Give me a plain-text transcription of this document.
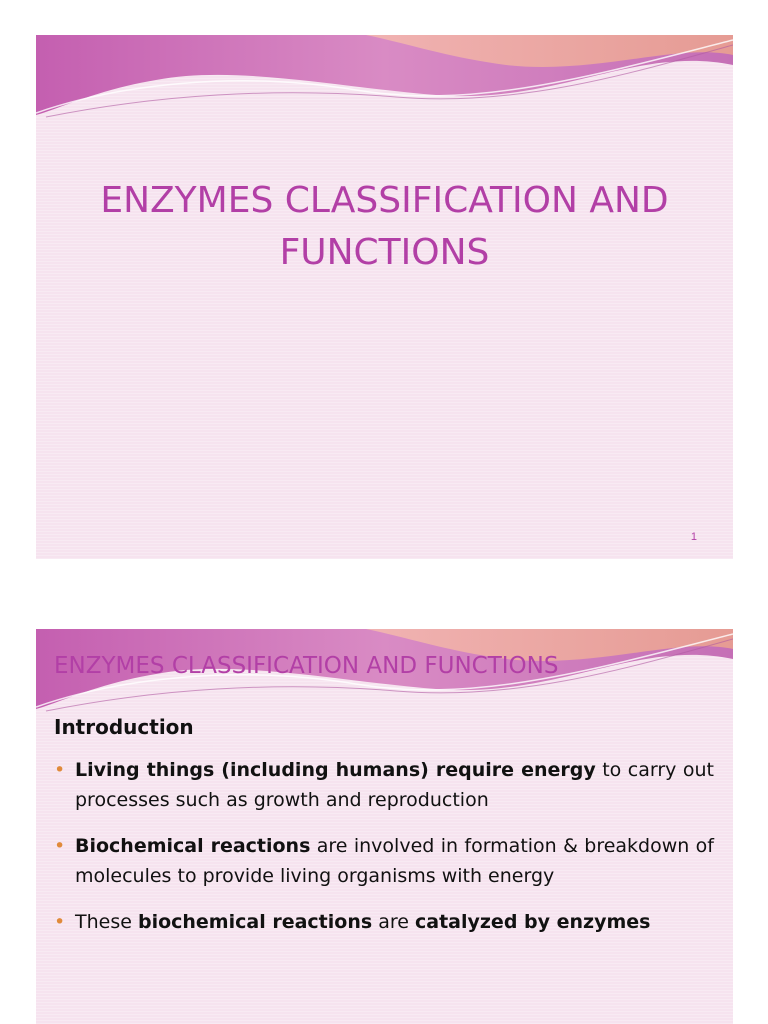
ENZYMES CLASSIFICATION AND
FUNCTIONS
1
ENZYMES CLASSIFICATION AND FUNCTIONS
Introduction
• Living things (including humans) require energy to carry out processes such as growth and reproduction
• Biochemical reactions are involved in formation & breakdown of molecules to provide living organisms with energy
• These biochemical reactions are catalyzed by enzymes
